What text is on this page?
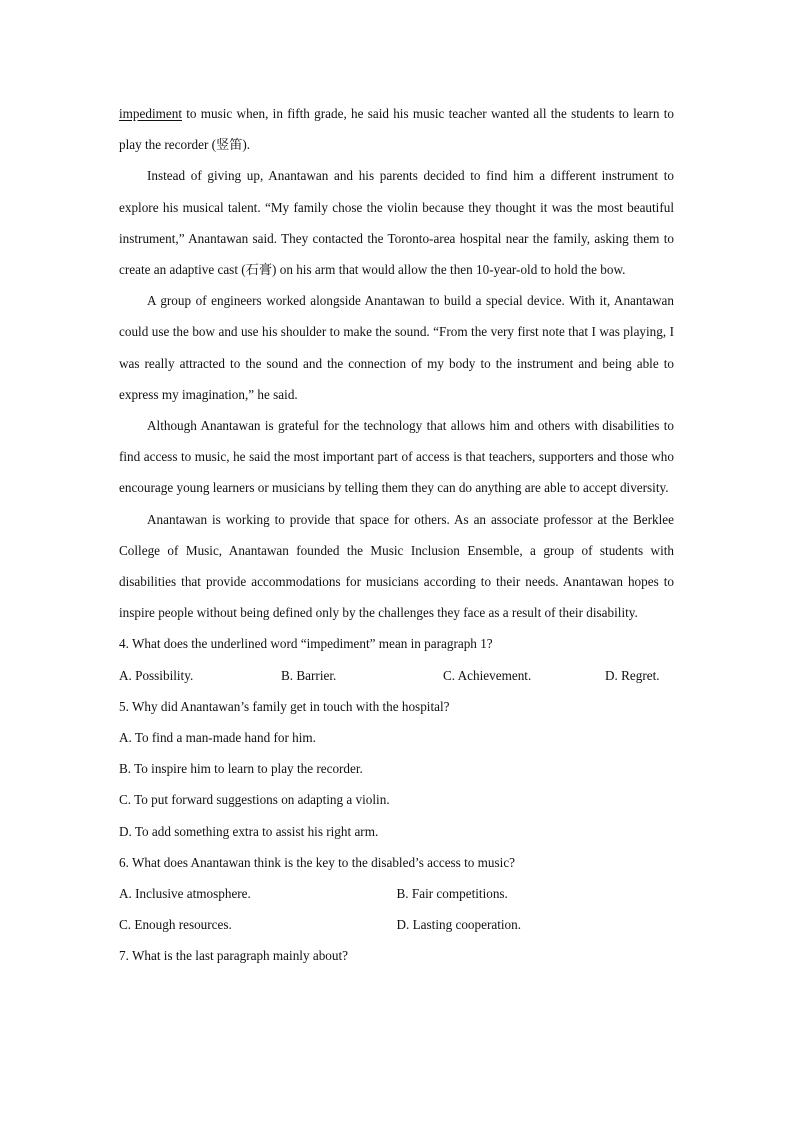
impediment to music when, in fifth grade, he said his music teacher wanted all the students to learn to play the recorder (竖笛).

Instead of giving up, Anantawan and his parents decided to find him a different instrument to explore his musical talent. “My family chose the violin because they thought it was the most beautiful instrument,” Anantawan said. They contacted the Toronto-area hospital near the family, asking them to create an adaptive cast (石膏) on his arm that would allow the then 10-year-old to hold the bow.

A group of engineers worked alongside Anantawan to build a special device. With it, Anantawan could use the bow and use his shoulder to make the sound. “From the very first note that I was playing, I was really attracted to the sound and the connection of my body to the instrument and being able to express my imagination,” he said.

Although Anantawan is grateful for the technology that allows him and others with disabilities to find access to music, he said the most important part of access is that teachers, supporters and those who encourage young learners or musicians by telling them they can do anything are able to accept diversity.

Anantawan is working to provide that space for others. As an associate professor at the Berklee College of Music, Anantawan founded the Music Inclusion Ensemble, a group of students with disabilities that provide accommodations for musicians according to their needs. Anantawan hopes to inspire people without being defined only by the challenges they face as a result of their disability.

4. What does the underlined word “impediment” mean in paragraph 1?

A. Possibility.	B. Barrier.	C. Achievement.	D. Regret.

5. Why did Anantawan’s family get in touch with the hospital?

A. To find a man-made hand for him.

B. To inspire him to learn to play the recorder.

C. To put forward suggestions on adapting a violin.

D. To add something extra to assist his right arm.

6. What does Anantawan think is the key to the disabled’s access to music?

A. Inclusive atmosphere.	B. Fair competitions.
C. Enough resources.	D. Lasting cooperation.

7. What is the last paragraph mainly about?
